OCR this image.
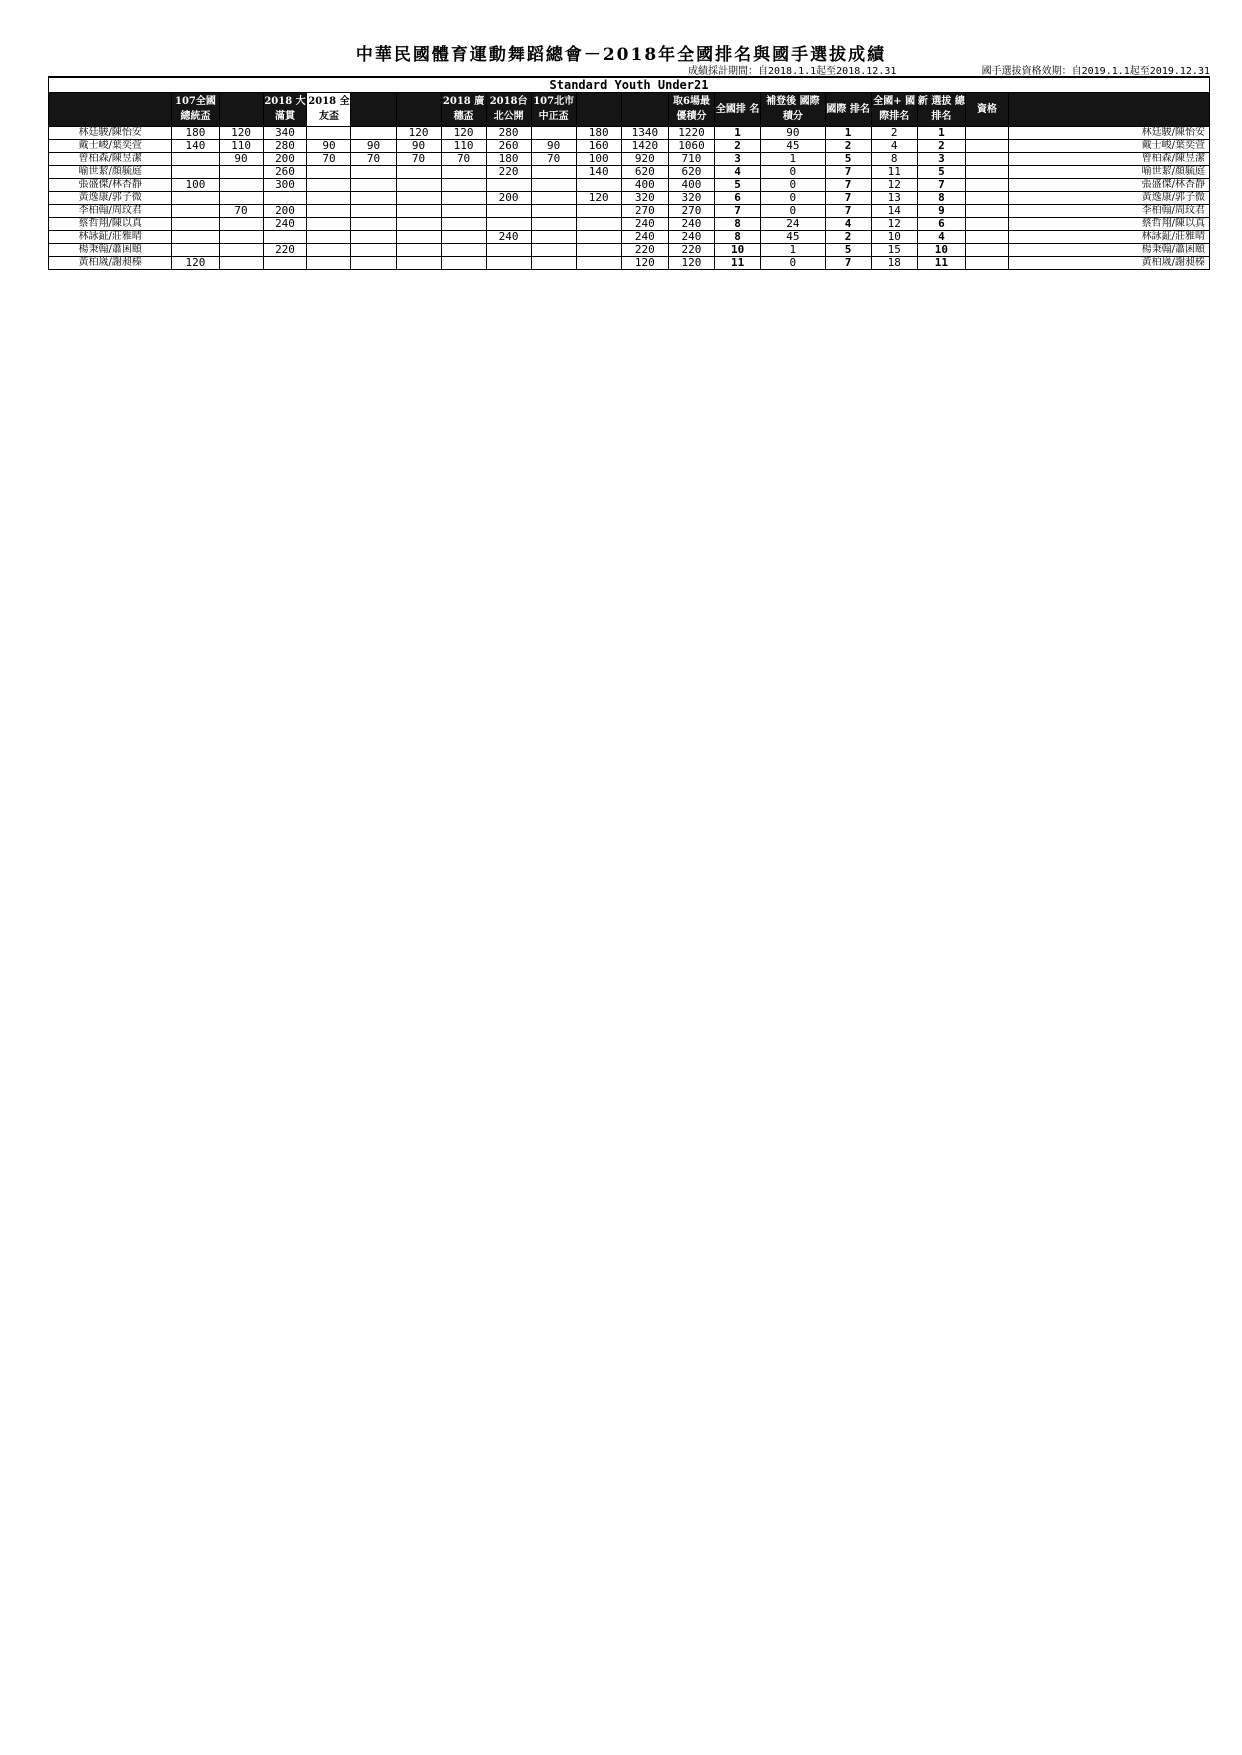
中華民國體育運動舞蹈總會－2018年全國排名與國手選拔成績
成績採計期間：自2018.1.1起至2018.12.31	國手選拔資格效期：自2019.1.1起至2019.12.31
Standard Youth Under21																			
	107全國 總統盃		2018 大滿貫	2018 全友盃			2018 廣穗盃	2018台 北公開	107北市 中正盃			取6場最 優積分	全國排 名	補登後 國際積分	國際 排名	全國+ 國際排名	新 選拔 總排名	資格	
林廷駿/陳怡安	180	120	340			120	120	280		180	1340	1220	1	90	1	2	1		林廷駿/陳怡安
戴士峻/葉奕萱	140	110	280	90	90	90	110	260	90	160	1420	1060	2	45	2	4	2		戴士峻/葉奕萱
曾柏森/陳昱潔		90	200	70	70	70	70	180	70	100	920	710	3	1	5	8	3		曾柏森/陳昱潔
喻世絜/顏毓庭			260					220		140	620	620	4	0	7	11	5		喻世絜/顏毓庭
張盛傑/林杏靜	100		300								400	400	5	0	7	12	7		張盛傑/林杏靜
黃逸康/郭子微								200		120	320	320	6	0	7	13	8		黃逸康/郭子微
李柏翰/周玟君		70	200								270	270	7	0	7	14	9		李柏翰/周玟君
蔡哲翔/陳以真			240								240	240	8	24	4	12	6		蔡哲翔/陳以真
林詠鉦/莊雅晴								240			240	240	8	45	2	10	4		林詠鉦/莊雅晴
楊秉翰/蕭囷頤			220								220	220	10	1	5	15	10		楊秉翰/蕭囷頤
黃柏嵗/謝昶榛	120										120	120	11	0	7	18	11		黃柏嵗/謝昶榛
